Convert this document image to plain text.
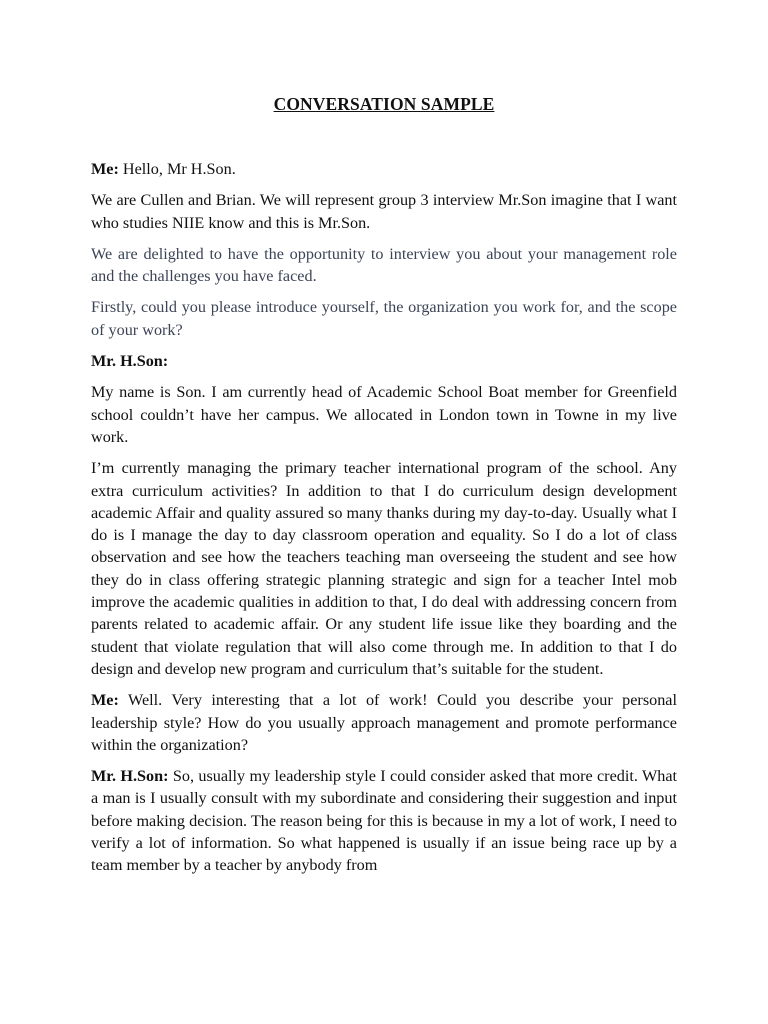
CONVERSATION SAMPLE

Me: Hello, Mr H.Son.

We are Cullen and Brian. We will represent group 3 interview Mr.Son imagine that I want who studies NIIE know and this is Mr.Son.

We are delighted to have the opportunity to interview you about your management role and the challenges you have faced.

Firstly, could you please introduce yourself, the organization you work for, and the scope of your work?

Mr. H.Son:

My name is Son. I am currently head of Academic School Boat member for Greenfield school couldn’t have her campus. We allocated in London town in Towne in my live work.

I’m currently managing the primary teacher international program of the school. Any extra curriculum activities? In addition to that I do curriculum design development academic Affair and quality assured so many thanks during my day-to-day. Usually what I do is I manage the day to day classroom operation and equality. So I do a lot of class observation and see how the teachers teaching man overseeing the student and see how they do in class offering strategic planning strategic and sign for a teacher Intel mob improve the academic qualities in addition to that, I do deal with addressing concern from parents related to academic affair. Or any student life issue like they boarding and the student that violate regulation that will also come through me. In addition to that I do design and develop new program and curriculum that’s suitable for the student.

Me: Well. Very interesting that a lot of work! Could you describe your personal leadership style? How do you usually approach management and promote performance within the organization?

Mr. H.Son: So, usually my leadership style I could consider asked that more credit. What a man is I usually consult with my subordinate and considering their suggestion and input before making decision. The reason being for this is because in my a lot of work, I need to verify a lot of information. So what happened is usually if an issue being race up by a team member by a teacher by anybody from
